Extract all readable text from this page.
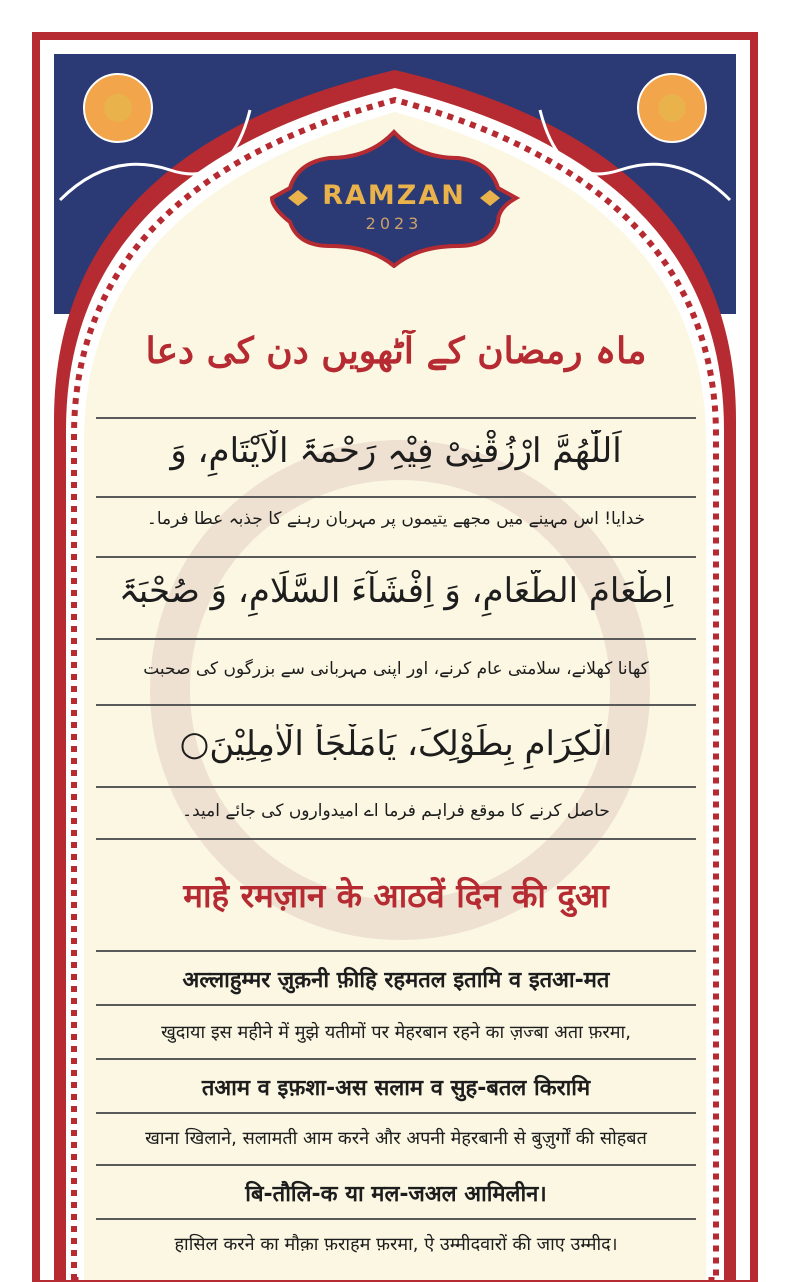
RAMZAN
2023
ماہ رمضان کے آٹھویں دن کی دعا
اَللّٰھُمَّ ارْزُقْنِیْ فِیْہِ رَحْمَۃَ الْاَیْتَامِ، وَ
خدایا! اس مہینے میں مجھے یتیموں پر مہربان رہنے کا جذبہ عطا فرما۔
اِطْعَامَ الطَّعَامِ، وَ اِفْشَآءَ السَّلَامِ، وَ صُحْبَۃَ
کھانا کھلانے، سلامتی عام کرنے، اور اپنی مہربانی سے بزرگوں کی صحبت
الْکِرَامِ بِطَوْلِکَ، یَامَلْجَأَ الْاٰمِلِیْنَ○
حاصل کرنے کا موقع فراہم فرما اے امیدواروں کی جائے امید۔
माहे रमज़ान के आठवें दिन की दुआ
अल्लाहुम्मर ज़ुक़नी फ़ीहि रहमतल इतामि व इतआ-मत
खुदाया इस महीने में मुझे यतीमों पर मेहरबान रहने का ज़ज्बा अता फ़रमा,
तआम व इफ़शा-अस सलाम व सुह-बतल किरामि
खाना खिलाने, सलामती आम करने और अपनी मेहरबानी से बुज़ुर्गों की सोहबत
बि-तौलि-क या मल-जअल आमिलीन।
हासिल करने का मौक़ा फ़राहम फ़रमा, ऐ उम्मीदवारों की जाए उम्मीद।
